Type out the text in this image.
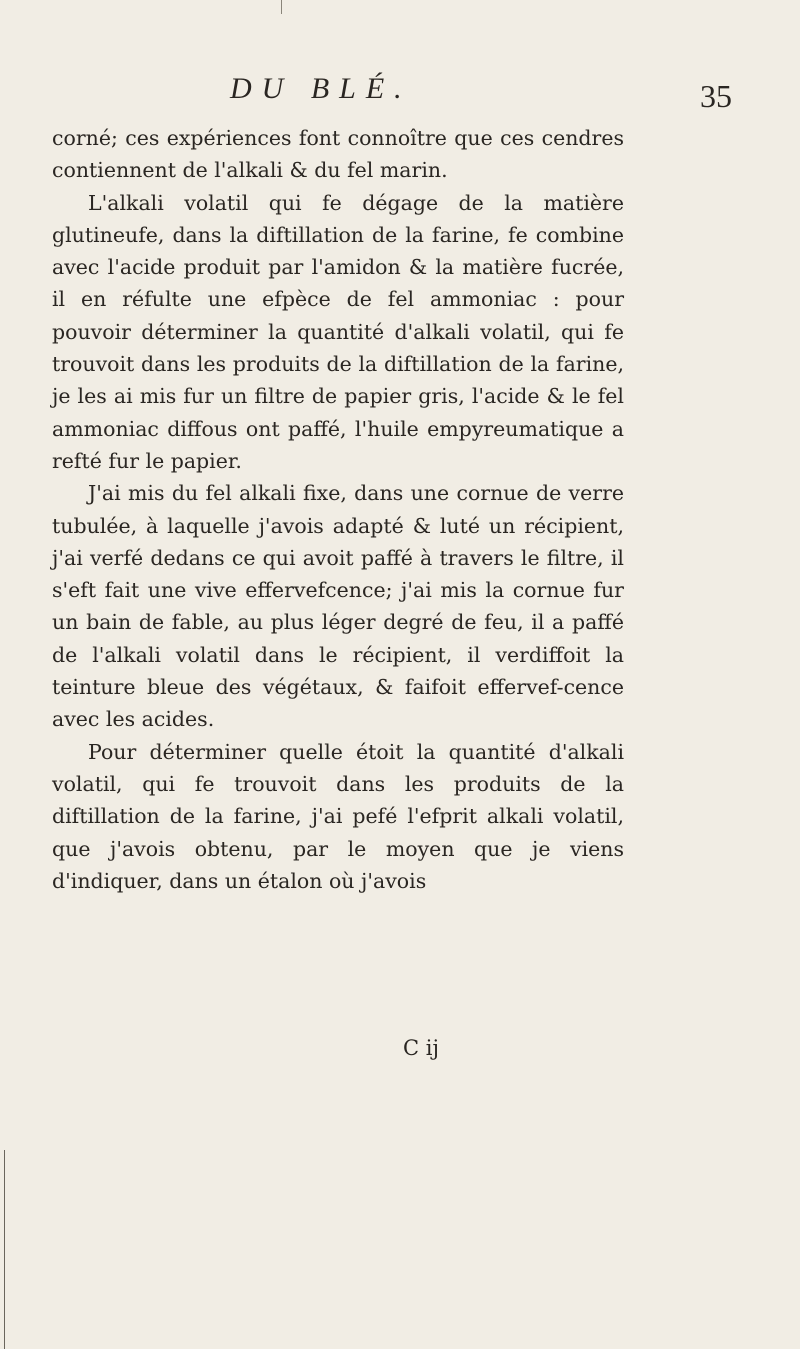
DU BLÉ.	35

corné; ces expériences font connoître que ces cendres contiennent de l'alkali & du fel marin.

L'alkali volatil qui fe dégage de la matière glutineufe, dans la diftillation de la farine, fe combine avec l'acide produit par l'amidon & la matière fucrée, il en réfulte une efpèce de fel ammoniac : pour pouvoir déterminer la quantité d'alkali volatil, qui fe trouvoit dans les produits de la diftillation de la farine, je les ai mis fur un filtre de papier gris, l'acide & le fel ammoniac diffous ont paffé, l'huile empyreumatique a refté fur le papier.

J'ai mis du fel alkali fixe, dans une cornue de verre tubulée, à laquelle j'avois adapté & luté un récipient, j'ai verfé dedans ce qui avoit paffé à travers le filtre, il s'eft fait une vive effervefcence; j'ai mis la cornue fur un bain de fable, au plus léger degré de feu, il a paffé de l'alkali volatil dans le récipient, il verdiffoit la teinture bleue des végétaux, & faifoit effervef-cence avec les acides.

Pour déterminer quelle étoit la quantité d'alkali volatil, qui fe trouvoit dans les produits de la diftillation de la farine, j'ai pefé l'efprit alkali volatil, que j'avois obtenu, par le moyen que je viens d'indiquer, dans un étalon où j'avois

C ij
